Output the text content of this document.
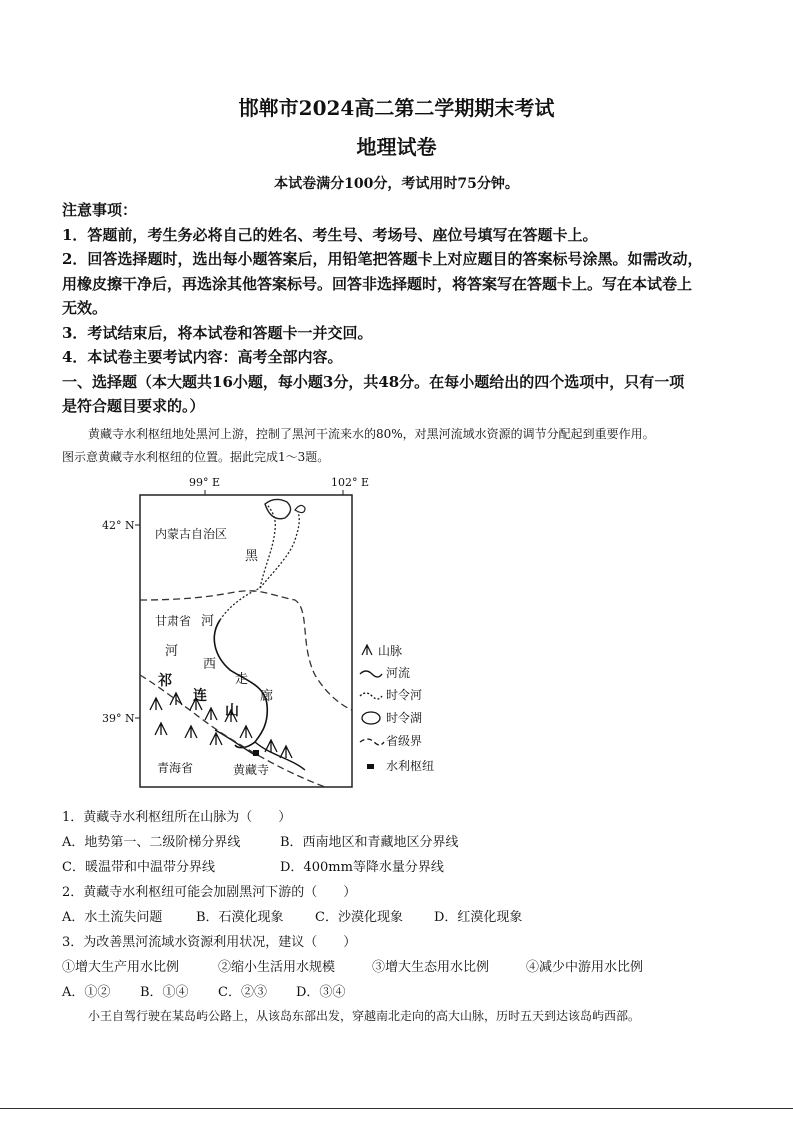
邯郸市2024高二第二学期期末考试
地理试卷
本试卷满分100分，考试用时75分钟。
注意事项：
1．答题前，考生务必将自己的姓名、考生号、考场号、座位号填写在答题卡上。
2．回答选择题时，选出每小题答案后，用铅笔把答题卡上对应题目的答案标号涂黑。如需改动，
用橡皮擦干净后，再选涂其他答案标号。回答非选择题时，将答案写在答题卡上。写在本试卷上
无效。
3．考试结束后，将本试卷和答题卡一并交回。
4．本试卷主要考试内容：高考全部内容。
一、选择题（本大题共16小题，每小题3分，共48分。在每小题给出的四个选项中，只有一项
是符合题目要求的。）
黄藏寺水利枢纽地处黑河上游，控制了黑河干流来水的80%，对黑河流域水资源的调节分配起到重要作用。
图示意黄藏寺水利枢纽的位置。据此完成1～3题。
99° E	102° E
42° N
39° N
内蒙古自治区
甘肃省
青海省
黑
河
河
西
走
廊
祁
连
山
黄藏寺
山脉
河流
时令河
时令湖
省级界
水利枢纽
1．黄藏寺水利枢纽所在山脉为（　　）
A．地势第一、二级阶梯分界线	B．西南地区和青藏地区分界线
C．暖温带和中温带分界线	D．400mm等降水量分界线
2．黄藏寺水利枢纽可能会加剧黑河下游的（　　）
A．水土流失问题	B．石漠化现象 C．沙漠化现象 D．红漠化现象
3．为改善黑河流域水资源利用状况，建议（　　）
①增大生产用水比例	②缩小生活用水规模	③增大生态用水比例	④减少中游用水比例
A．①② B．①④ C．②③ D．③④
小王自驾行驶在某岛屿公路上，从该岛东部出发，穿越南北走向的高大山脉，历时五天到达该岛屿西部。
